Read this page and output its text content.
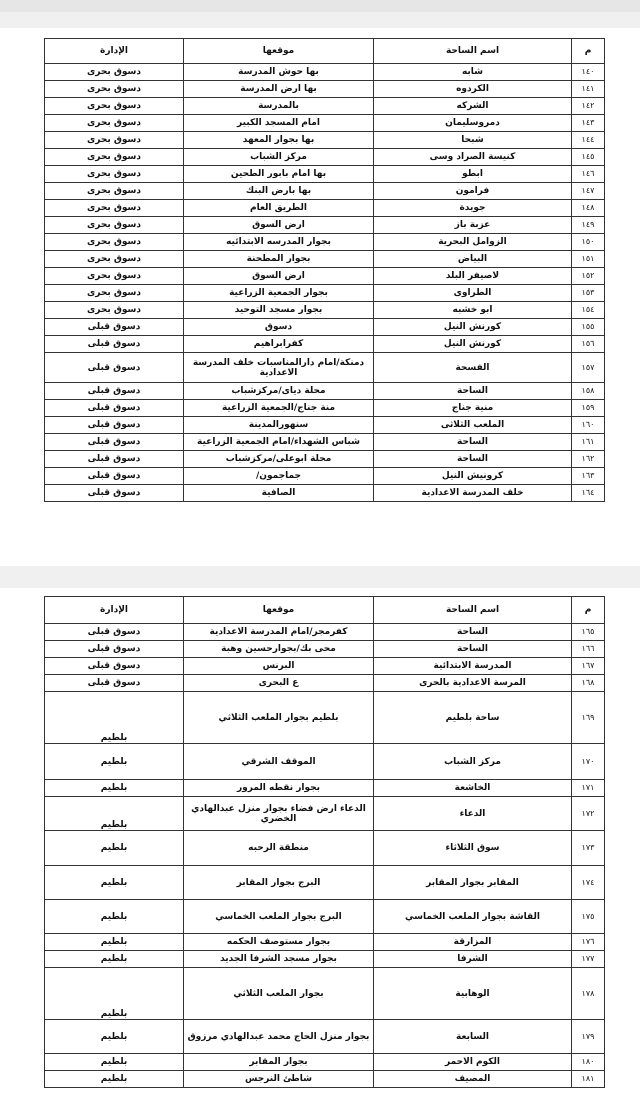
م	اسم الساحة	موقعها	الإدارة
١٤٠	شابه	بها حوش المدرسة	دسوق بحرى
١٤١	الكردوه	بها ارض المدرسة	دسوق بحرى
١٤٢	الشركه	بالمدرسة	دسوق بحرى
١٤٣	دمروسليمان	امام المسجد الكبير	دسوق بحرى
١٤٤	شبحا	بها بجوار المعهد	دسوق بحرى
١٤٥	كنيسة الصراد وسى	مركز الشباب	دسوق بحرى
١٤٦	ابطو	بها امام بابور الطحين	دسوق بحرى
١٤٧	فرامون	بها بارض البنك	دسوق بحرى
١٤٨	جويدة	الطريق العام	دسوق بحرى
١٤٩	عزبة باز	ارض السوق	دسوق بحرى
١٥٠	الزوامل البحرية	بجوار المدرسه الابتدائيه	دسوق بحرى
١٥١	البياض	بجوار المطحنة	دسوق بحرى
١٥٢	لاصيفر البلد	ارض السوق	دسوق بحرى
١٥٣	الطراوى	بجوار الجمعية الزراعية	دسوق بحرى
١٥٤	ابو خشبه	بجوار مسجد التوحيد	دسوق بحرى
١٥٥	كورنش النيل	دسوق	دسوق قبلى
١٥٦	كورنش النيل	كفرابراهيم	دسوق قبلى
١٥٧	الفسحة	دمنكة/امام دارالمناسبات خلف المدرسة الاعدادية	دسوق قبلى
١٥٨	الساحة	محلة دياى/مركزشباب	دسوق قبلى
١٥٩	منية جناج	منة جناج/الجمعية الزراعية	دسوق قبلى
١٦٠	الملعب الثلاثى	سنهورالمدينة	دسوق قبلى
١٦١	الساحة	شباس الشهداء/امام الجمعية الزراعية	دسوق قبلى
١٦٢	الساحة	محلة ابوعلى/مركزشباب	دسوق قبلى
١٦٣	كرونيش النيل	جماجمون/	دسوق قبلى
١٦٤	خلف المدرسة الاعدادية	الصافية	دسوق قبلى
م	اسم الساحة	موقعها	الإدارة
١٦٥	الساحة	كفرمجر/امام المدرسة الاعدادية	دسوق قبلى
١٦٦	الساحة	محى بك/بجوارحسين وهبة	دسوق قبلى
١٦٧	المدرسة الابتدائية	البرنس	دسوق قبلى
١٦٨	المرسة الاعدادية بالحرى	ع البحرى	دسوق قبلى
١٦٩	ساحة بلطيم	بلطيم بجوار الملعب الثلاثي	بلطيم
١٧٠	مركز الشباب	الموقف الشرقي	بلطيم
١٧١	الخاشعة	بجوار نقطه المرور	بلطيم
١٧٢	الدعاء	الدعاء ارض فضاء بجوار منزل عبدالهادي الخضري	بلطيم
١٧٣	سوق الثلاثاء	منطقة الرحبه	بلطيم
١٧٤	المقابر بجوار المقابر	البرج بجوار المقابر	بلطيم
١٧٥	القاشة بجوار الملعب الخماسي	البرج بجوار الملعب الخماسي	بلطيم
١٧٦	المزارقة	بجوار مستوصف الحكمه	بلطيم
١٧٧	الشرفا	بجوار مسجد الشرفا الجديد	بلطيم
١٧٨	الوهابية	بجوار الملعب الثلاثي	بلطيم
١٧٩	السابعة	بجوار منزل الحاج محمد عبدالهادي مرزوق	بلطيم
١٨٠	الكوم الاحمر	بجوار المقابر	بلطيم
١٨١	المصيف	شاطئ النرجس	بلطيم
